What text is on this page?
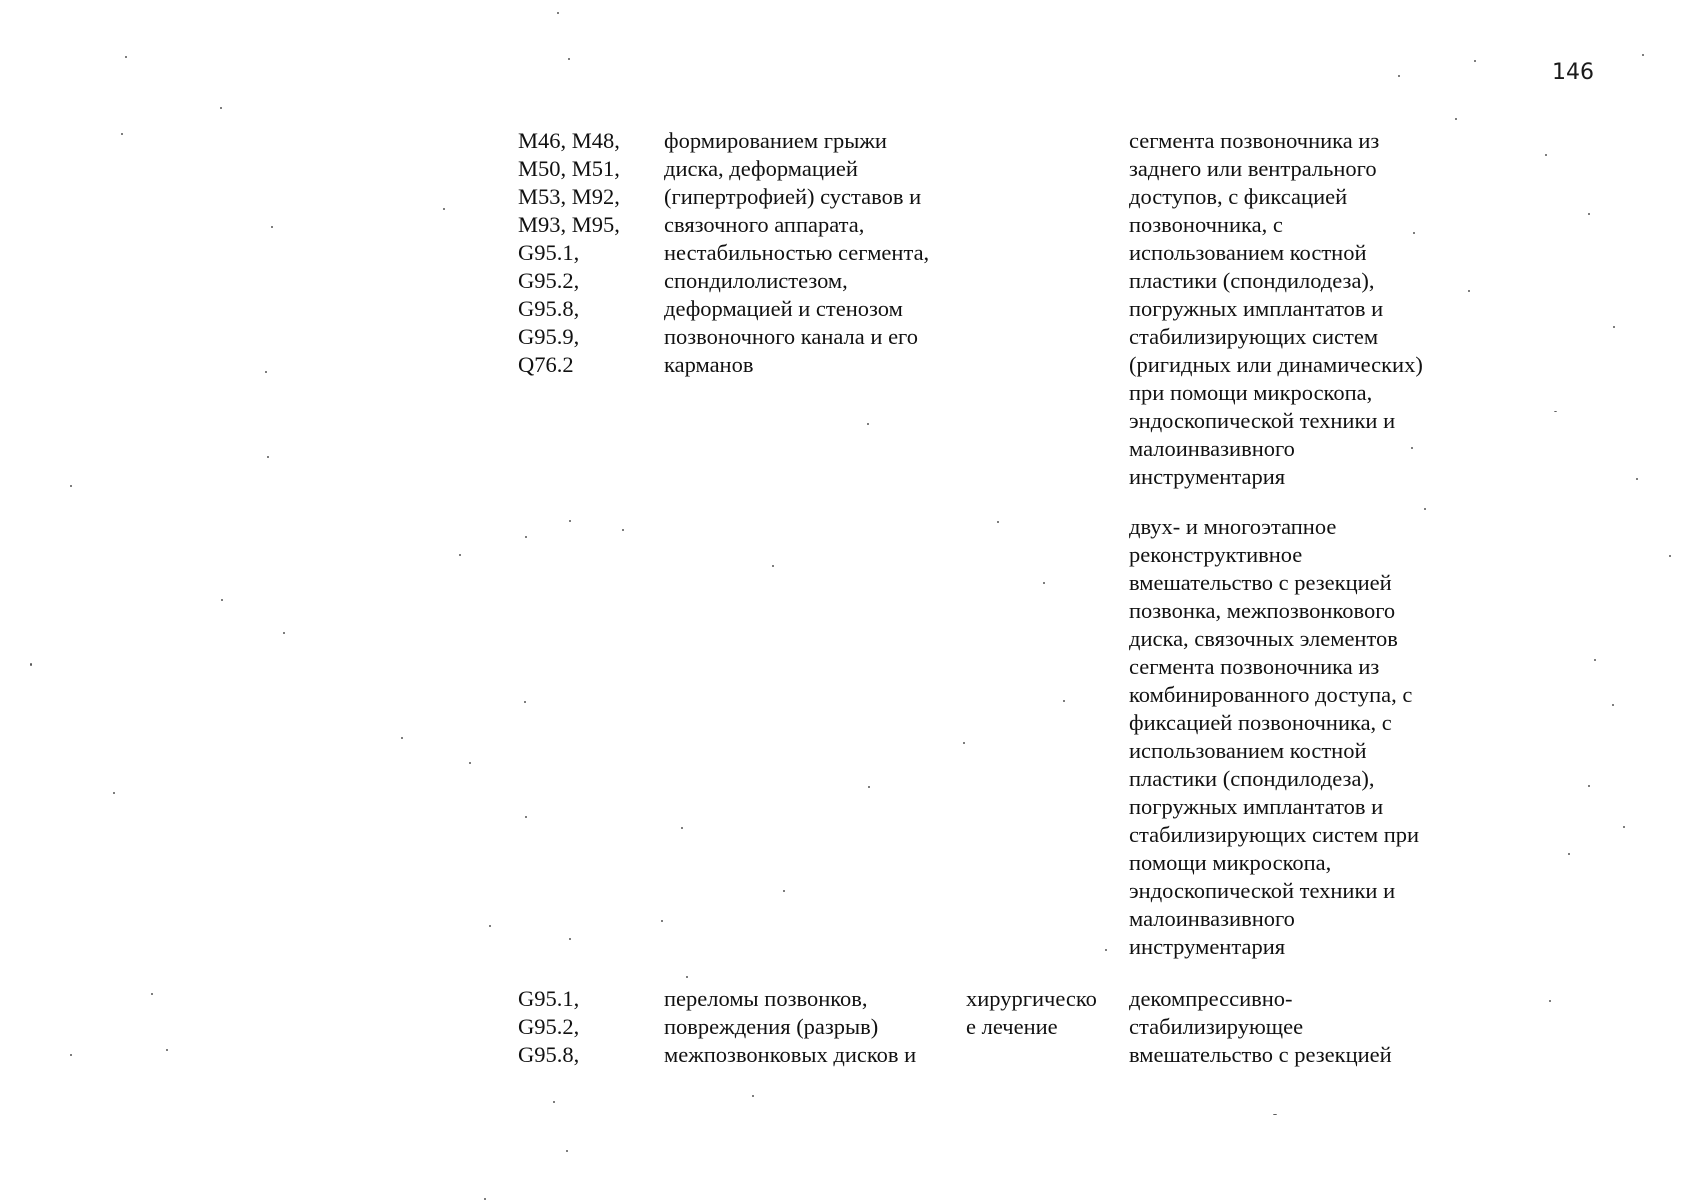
146
M46, M48,
M50, M51,
M53, M92,
M93, M95,
G95.1,
G95.2,
G95.8,
G95.9,
Q76.2
формированием грыжи
диска, деформацией
(гипертрофией) суставов и
связочного аппарата,
нестабильностью сегмента,
спондилолистезом,
деформацией и стенозом
позвоночного канала и его
карманов
сегмента позвоночника из
заднего или вентрального
доступов, с фиксацией
позвоночника, с
использованием костной
пластики (спондилодеза),
погружных имплантатов и
стабилизирующих систем
(ригидных или динамических)
при помощи микроскопа,
эндоскопической техники и
малоинвазивного
инструментария
двух- и многоэтапное
реконструктивное
вмешательство с резекцией
позвонка, межпозвонкового
диска, связочных элементов
сегмента позвоночника из
комбинированного доступа, с
фиксацией позвоночника, с
использованием костной
пластики (спондилодеза),
погружных имплантатов и
стабилизирующих систем при
помощи микроскопа,
эндоскопической техники и
малоинвазивного
инструментария
G95.1,
G95.2,
G95.8,
переломы позвонков,
повреждения (разрыв)
межпозвонковых дисков и
хирургическо
е лечение
декомпрессивно-
стабилизирующее
вмешательство с резекцией
